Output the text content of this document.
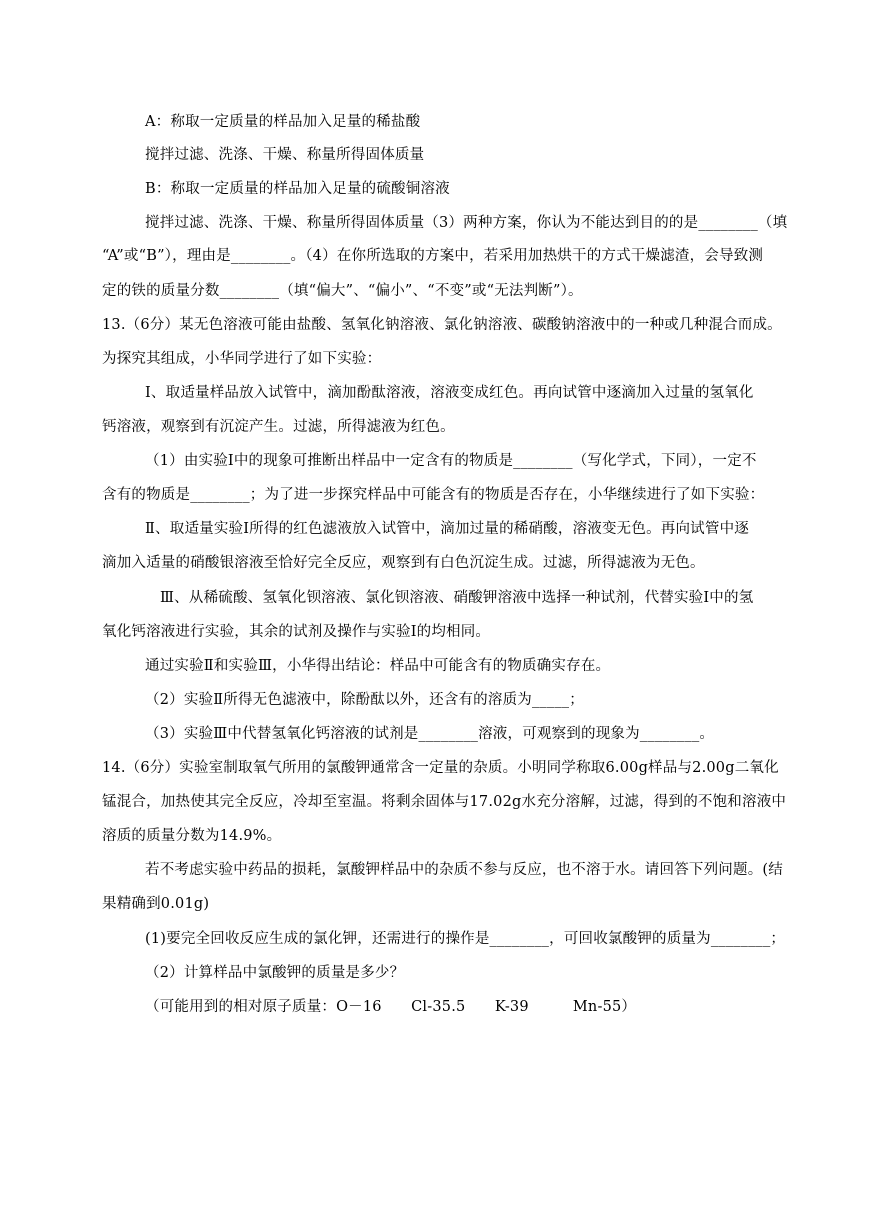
A：称取一定质量的样品加入足量的稀盐酸
搅拌过滤、洗涤、干燥、称量所得固体质量
B：称取一定质量的样品加入足量的硫酸铜溶液
搅拌过滤、洗涤、干燥、称量所得固体质量（3）两种方案，你认为不能达到目的的是________（填
“A”或“B”），理由是________。（4）在你所选取的方案中，若采用加热烘干的方式干燥滤渣，会导致测
定的铁的质量分数________（填“偏大”、“偏小”、“不变”或“无法判断”）。
13.（6分）某无色溶液可能由盐酸、氢氧化钠溶液、氯化钠溶液、碳酸钠溶液中的一种或几种混合而成。
为探究其组成，小华同学进行了如下实验：
Ⅰ、取适量样品放入试管中，滴加酚酞溶液，溶液变成红色。再向试管中逐滴加入过量的氢氧化
钙溶液，观察到有沉淀产生。过滤，所得滤液为红色。
（1）由实验Ⅰ中的现象可推断出样品中一定含有的物质是________（写化学式，下同），一定不
含有的物质是________；为了进一步探究样品中可能含有的物质是否存在，小华继续进行了如下实验：
Ⅱ、取适量实验Ⅰ所得的红色滤液放入试管中，滴加过量的稀硝酸，溶液变无色。再向试管中逐
滴加入适量的硝酸银溶液至恰好完全反应，观察到有白色沉淀生成。过滤，所得滤液为无色。
Ⅲ、从稀硫酸、氢氧化钡溶液、氯化钡溶液、硝酸钾溶液中选择一种试剂，代替实验Ⅰ中的氢
氧化钙溶液进行实验，其余的试剂及操作与实验Ⅰ的均相同。
通过实验Ⅱ和实验Ⅲ，小华得出结论：样品中可能含有的物质确实存在。
（2）实验Ⅱ所得无色滤液中，除酚酞以外，还含有的溶质为_____；
（3）实验Ⅲ中代替氢氧化钙溶液的试剂是________溶液，可观察到的现象为________。
14.（6分）实验室制取氧气所用的氯酸钾通常含一定量的杂质。小明同学称取6.00g样品与2.00g二氧化
锰混合，加热使其完全反应，冷却至室温。将剩余固体与17.02g水充分溶解，过滤，得到的不饱和溶液中
溶质的质量分数为14.9%。
若不考虑实验中药品的损耗，氯酸钾样品中的杂质不参与反应，也不溶于水。请回答下列问题。(结
果精确到0.01g)
(1)要完全回收反应生成的氯化钾，还需进行的操作是________，可回收氯酸钾的质量为________；
（2）计算样品中氯酸钾的质量是多少？
（可能用到的相对原子质量：O－16　　Cl-35.5　　K-39　　　Mn-55）
